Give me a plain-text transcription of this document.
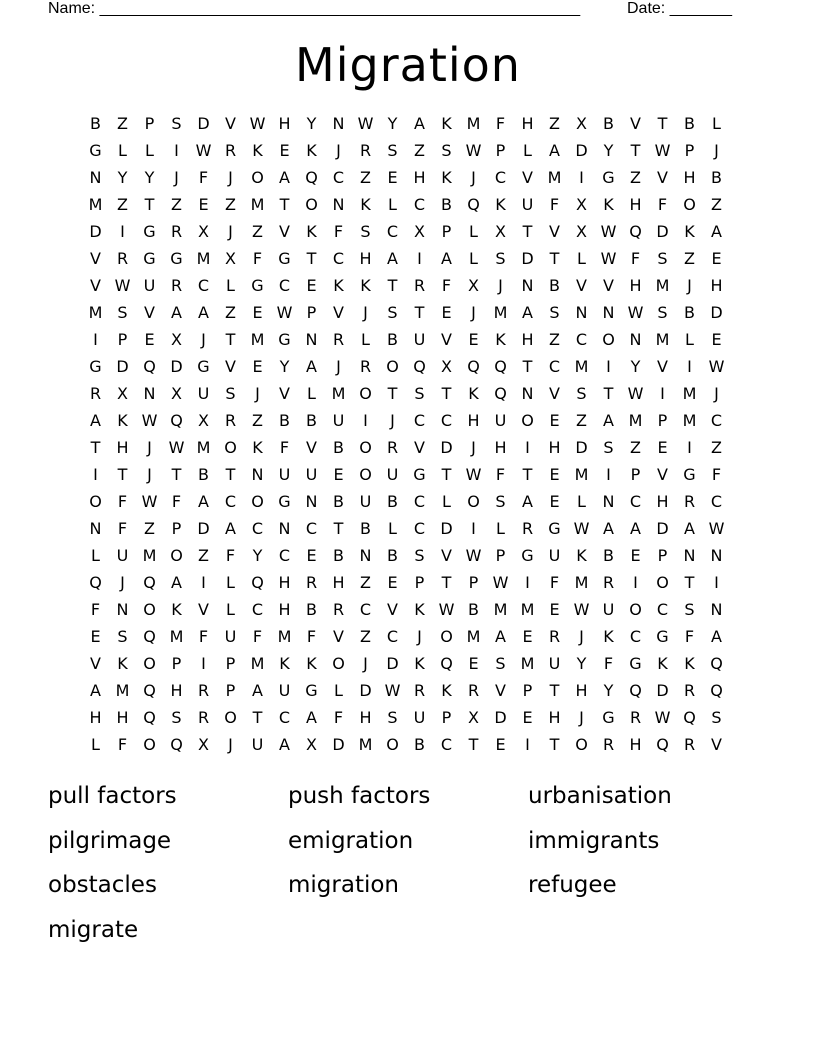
Name: ______________________________________________________	Date: _______
Migration
B	Z	P	S D V W H	Y	N W Y	A	K M F	H Z	X	B	V	T	B	L
G	L	L	I	W R	K	E	K	J	R	S	Z	S W P	L	A D Y	T W P	J
N	Y	Y	J	F	J	O A Q C Z	E H K	J	C V M	I	G Z	V H B
M Z	T	Z	E	Z M T O N K	L	C B Q K U	F	X	K H	F	O Z
D	I	G R X	J	Z	V	K	F	S	C X	P	L	X	T	V	X W Q D K	A
V R G G M X	F	G T	C H A	I	A	L	S D T	L W F	S	Z	E
V W U R C	L	G C	E	K	K	T	R	F	X	J	N B	V	V H M	J	H
M S	V	A	A	Z	E W P	V	J	S	T	E	J	M A	S N N W S	B D
I	P	E	X	J	T M G N R	L	B U V	E	K H Z C O N M L	E
G D Q D G V	E	Y	A	J	R O Q X Q Q T	C M	I	Y	V	I	W
R X N X U	S	J	V	L M O T	S	T	K Q N V	S	T W	I	M	J
A	K W Q X R Z	B	B U	I	J	C C H U O E	Z	A M P M C
T	H	J	W M O K	F	V	B O R V D	J	H	I	H D S	Z	E	I	Z
I	T	J	T	B	T	N U U	E O U G T W F	T	E M	I	P	V G	F
O	F W F	A C O G N B U B C	L	O S	A	E	L	N C H R C
N	F	Z	P	D A C N C	T	B	L	C D	I	L	R G W A	A D A W
L	U M O Z	F	Y	C	E	B N B	S	V W P G U K	B	E	P	N N
Q	J	Q A	I	L	Q H R H Z	E	P	T	P W	I	F M R	I	O T	I
F	N O K	V	L	C H B R C V	K W B M M E W U O C	S N
E	S Q M F	U	F M F	V	Z C	J	O M A	E	R	J	K	C G	F	A
V	K O P	I	P M K	K O	J	D K Q E	S M U	Y	F	G K	K Q
A M Q H R	P	A U G	L	D W R	K	R V	P	T	H	Y Q D R Q
H H Q S	R O T	C A	F	H S	U	P	X D E H	J	G R W Q S
L	F	O Q X	J	U A	X D M O B C	T	E	I	T O R H Q R V
pull factors	push factors	urbanisation
pilgrimage	emigration	immigrants
obstacles	migration	refugee
migrate
